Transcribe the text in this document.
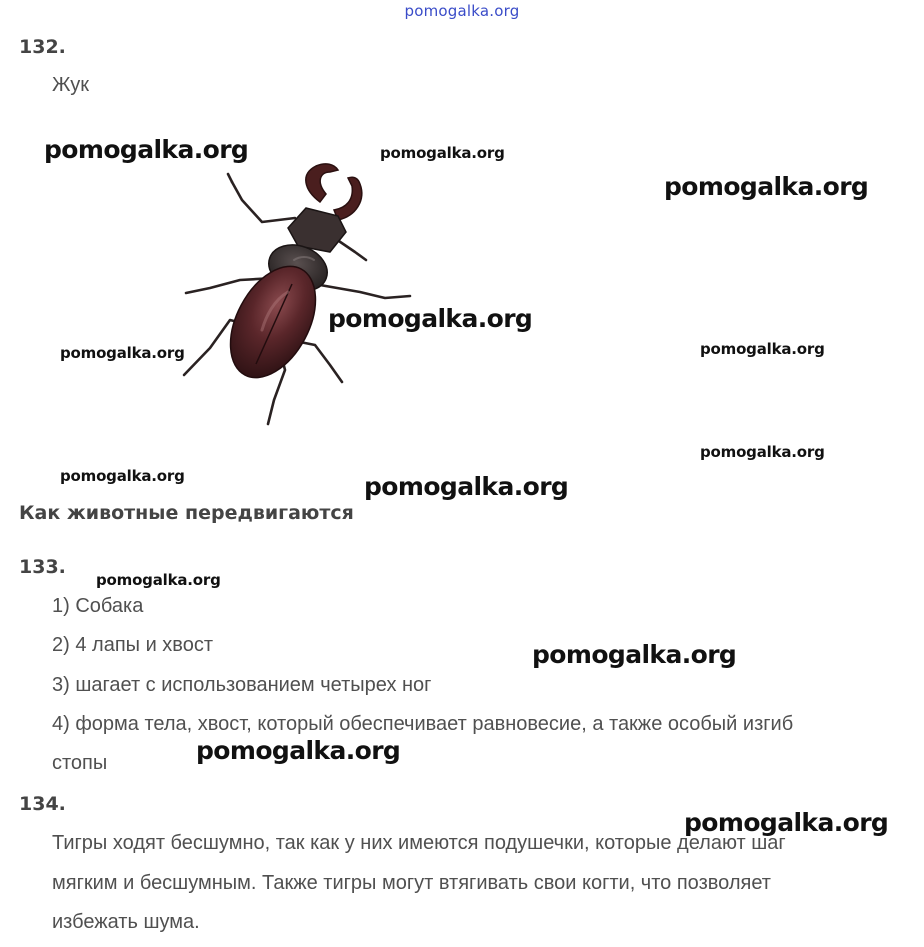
pomogalka.org
132.
Жук
Как животные передвигаются
133.
1) Собака
2) 4 лапы и хвост
3) шагает с использованием четырех ног
4) форма тела, хвост, который обеспечивает равновесие, а также особый изгиб
стопы
134.
Тигры ходят бесшумно, так как у них имеются подушечки, которые делают шаг
мягким и бесшумным. Также тигры могут втягивать свои когти, что позволяет
избежать шума.
pomogalka.org	pomogalka.org
pomogalka.org
pomogalka.org
pomogalka.org	pomogalka.org
pomogalka.org
pomogalka.org	pomogalka.org
pomogalka.org
pomogalka.org
pomogalka.org
pomogalka.org
